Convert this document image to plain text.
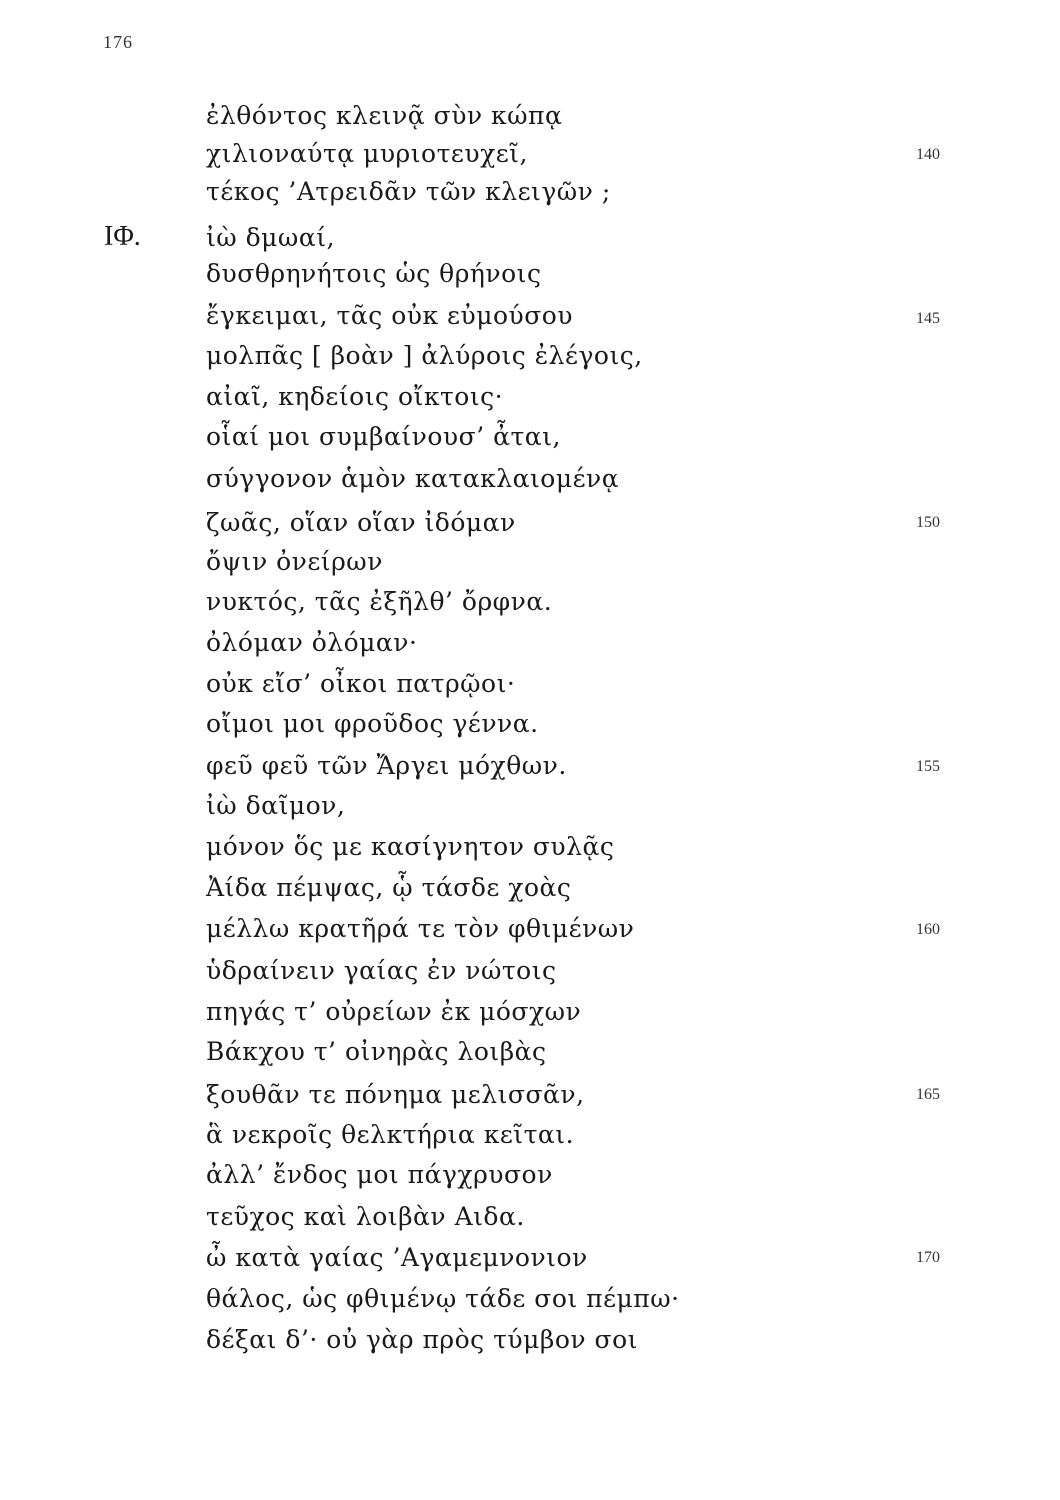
176
ΙΦ.
ἐλθόντος κλεινᾷ σὺν κώπᾳ
χιλιοναύτᾳ μυριοτευχεῖ,
τέκος ’Ατρειδᾶν τῶν κλειγῶν ;
ἰὼ δμωαί,
δυσθρηνήτοις ὡς θρήνοις
ἔγκειμαι, τᾶς οὐκ εὐμούσου
μολπᾶς [ βοὰν ] ἀλύροις ἐλέγοις,
αἰαῖ, κηδείοις οἴκτοις·
οἷαί μοι συμβαίνουσ’ ἆται,
σύγγονον ἁμὸν κατακλαιομένᾳ
ζωᾶς, οἵαν οἵαν ἰδόμαν
ὄψιν ὀνείρων
νυκτός, τᾶς ἐξῆλθ’ ὄρφνα.
ὀλόμαν ὀλόμαν·
οὐκ εἴσ’ οἶκοι πατρῷοι·
οἴμοι μοι φροῦδος γέννα.
φεῦ φεῦ τῶν Ἄργει μόχθων.
ἰὼ δαῖμον,
μόνον ὅς με κασίγνητον συλᾷς
Ἀίδα πέμψας, ᾧ τάσδε χοὰς
μέλλω κρατῆρά τε τὸν φθιμένων
ὑδραίνειν γαίας ἐν νώτοις
πηγάς τ’ οὐρείων ἐκ μόσχων
Βάκχου τ’ οἰνηρὰς λοιβὰς
ξουθᾶν τε πόνημα μελισσᾶν,
ἃ νεκροῖς θελκτήρια κεῖται.
ἀλλ’ ἔνδος μοι πάγχρυσον
τεῦχος καὶ λοιβὰν Αιδα.
ὦ κατὰ γαίας ’Αγαμεμνονιον
θάλος, ὡς φθιμένῳ τάδε σοι πέμπω·
δέξαι δ’· οὐ γὰρ πρὸς τύμβον σοι
140
145
150
155
160
165
170
